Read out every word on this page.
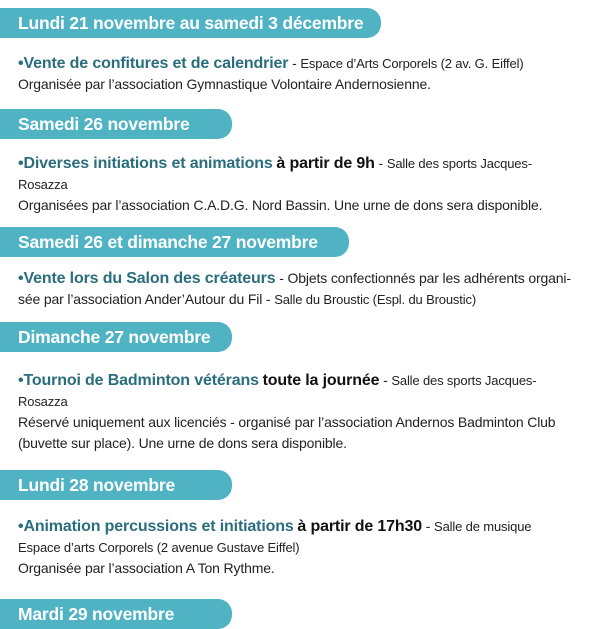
Lundi 21 novembre au samedi 3 décembre

•Vente de confitures et de calendrier - Espace d’Arts Corporels (2 av. G. Eiffel)

Organisée par l’association Gymnastique Volontaire Andernosienne.

Samedi 26 novembre

•Diverses initiations et animations à partir de 9h - Salle des sports Jacques-

Rosazza

Organisées par l’association C.A.D.G. Nord Bassin. Une urne de dons sera disponible.

Samedi 26 et dimanche 27 novembre

•Vente lors du Salon des créateurs - Objets confectionnés par les adhérents organi-

sée par l’association Ander’Autour du Fil - Salle du Broustic (Espl. du Broustic)

Dimanche 27 novembre

•Tournoi de Badminton vétérans toute la journée - Salle des sports Jacques-

Rosazza

Réservé uniquement aux licenciés - organisé par l’association Andernos Badminton Club

(buvette sur place). Une urne de dons sera disponible.

Lundi 28 novembre

•Animation percussions et initiations à partir de 17h30 - Salle de musique

Espace d’arts Corporels (2 avenue Gustave Eiffel)

Organisée par l’association A Ton Rythme.

Mardi 29 novembre
